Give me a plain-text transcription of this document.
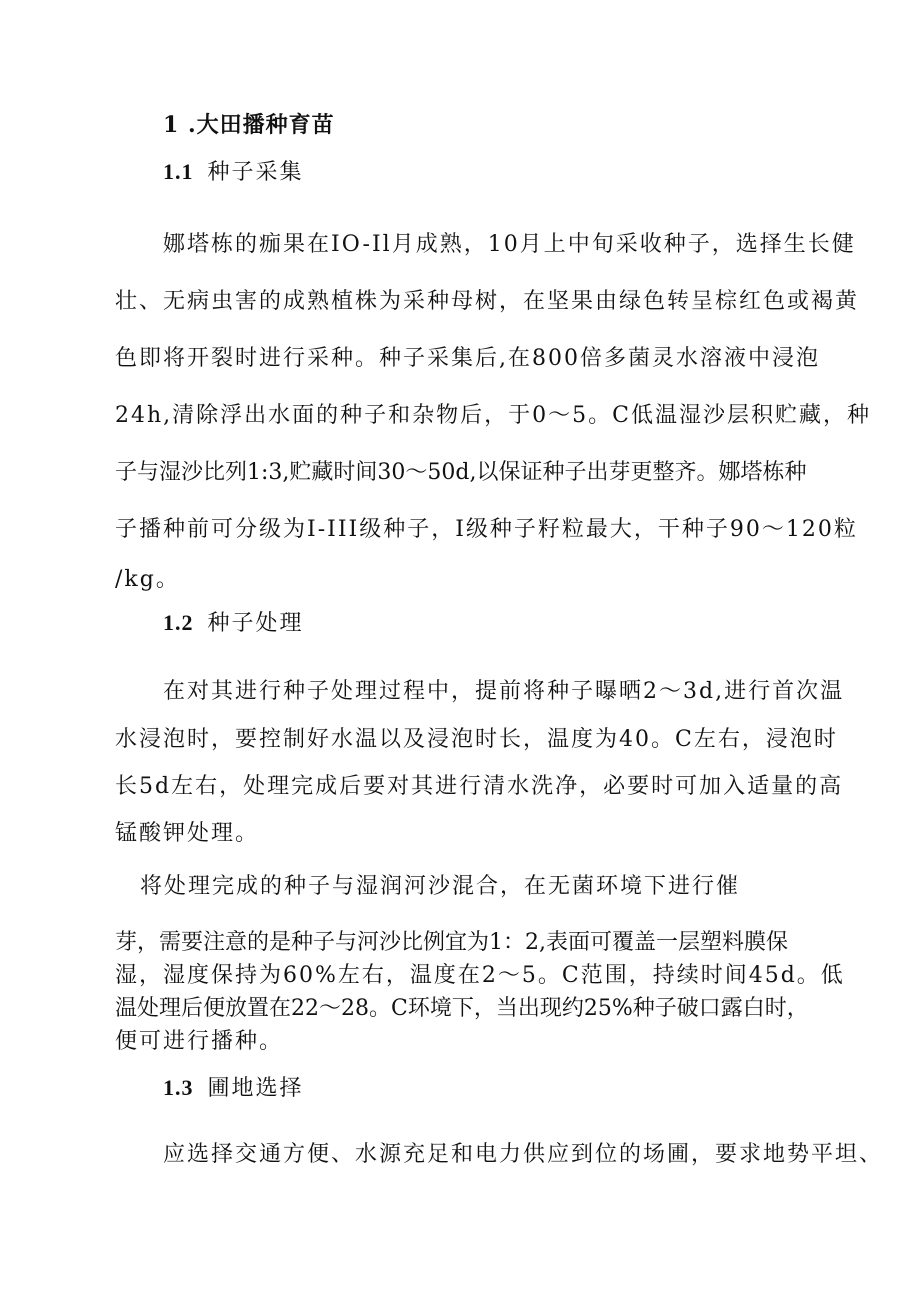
1 .大田播种育苗
1.1 种子采集
娜塔栋的痂果在IO-Il月成熟，10月上中旬采收种子，选择生长健
壮、无病虫害的成熟植株为采种母树，在坚果由绿色转呈棕红色或褐黄
色即将开裂时进行采种。种子采集后,在800倍多菌灵水溶液中浸泡
24h,清除浮出水面的种子和杂物后，于0～5。C低温湿沙层积贮藏，种
子与湿沙比列1:3,贮藏时间30～50d,以保证种子出芽更整齐。娜塔栋种
子播种前可分级为I-III级种子，I级种子籽粒最大，干种子90～120粒
/kg。
1.2 种子处理
在对其进行种子处理过程中，提前将种子曝晒2～3d,进行首次温
水浸泡时，要控制好水温以及浸泡时长，温度为40。C左右，浸泡时
长5d左右，处理完成后要对其进行清水洗净，必要时可加入适量的高
锰酸钾处理。
将处理完成的种子与湿润河沙混合，在无菌环境下进行催
芽，需要注意的是种子与河沙比例宜为1：2,表面可覆盖一层塑料膜保
湿，湿度保持为60%左右，温度在2～5。C范围，持续时间45d。低
温处理后便放置在22～28。C环境下，当出现约25%种子破口露白时，
便可进行播种。
1.3 圃地选择
应选择交通方便、水源充足和电力供应到位的场圃，要求地势平坦、
